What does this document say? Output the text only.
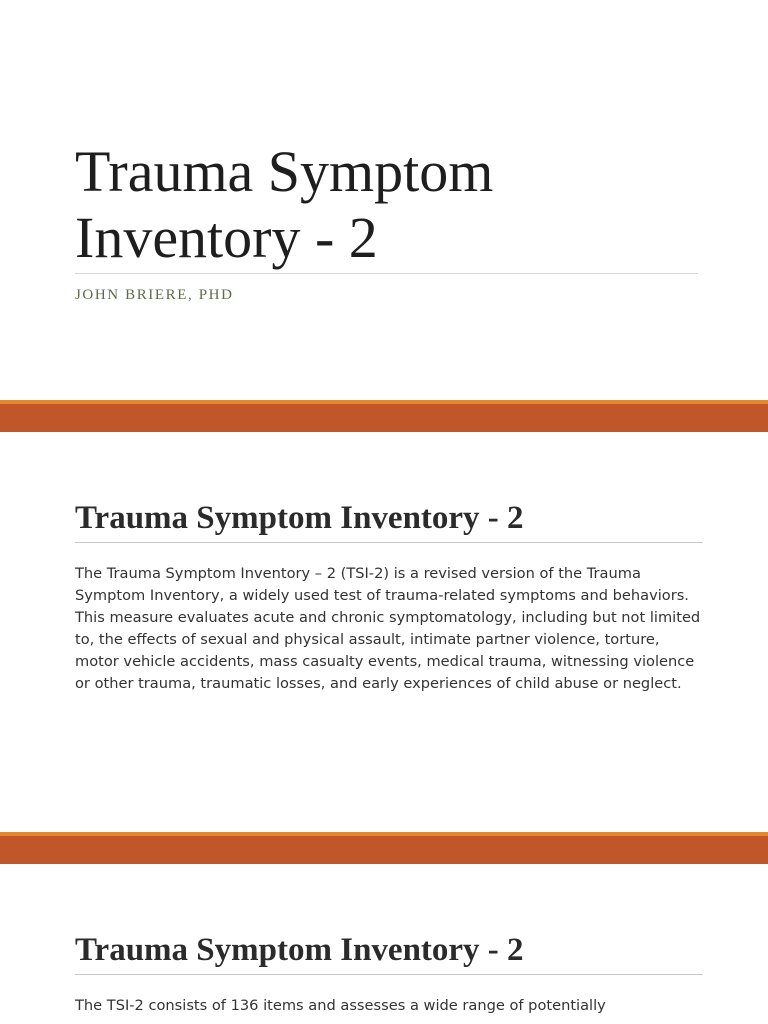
Trauma Symptom
Inventory - 2

JOHN BRIERE, PHD

Trauma Symptom Inventory - 2

The Trauma Symptom Inventory – 2 (TSI-2) is a revised version of the Trauma Symptom Inventory, a widely used test of trauma-related symptoms and behaviors. This measure evaluates acute and chronic symptomatology, including but not limited to, the effects of sexual and physical assault, intimate partner violence, torture, motor vehicle accidents, mass casualty events, medical trauma, witnessing violence or other trauma, traumatic losses, and early experiences of child abuse or neglect.

Trauma Symptom Inventory - 2

The TSI-2 consists of 136 items and assesses a wide range of potentially
